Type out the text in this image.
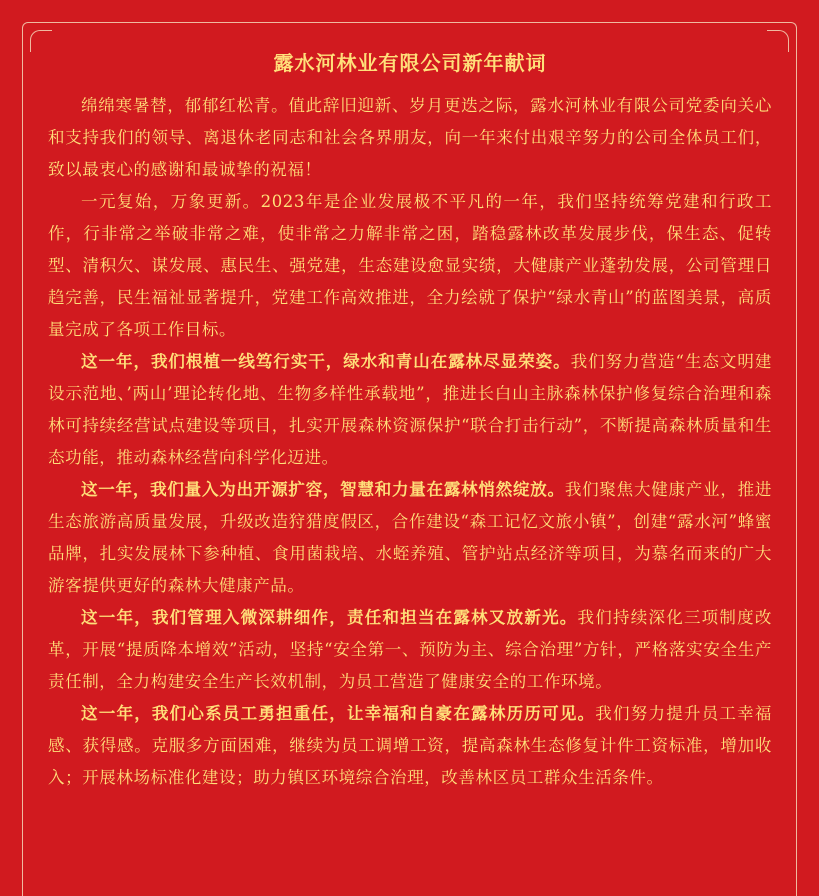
露水河林业有限公司新年献词

绵绵寒暑替，郁郁红松青。值此辞旧迎新、岁月更迭之际，露水河林业有限公司党委向关心和支持我们的领导、离退休老同志和社会各界朋友，向一年来付出艰辛努力的公司全体员工们，致以最衷心的感谢和最诚挚的祝福！

一元复始，万象更新。2023年是企业发展极不平凡的一年，我们坚持统筹党建和行政工作，行非常之举破非常之难，使非常之力解非常之困，踏稳露林改革发展步伐，保生态、促转型、清积欠、谋发展、惠民生、强党建，生态建设愈显实绩，大健康产业蓬勃发展，公司管理日趋完善，民生福祉显著提升，党建工作高效推进，全力绘就了保护“绿水青山”的蓝图美景，高质量完成了各项工作目标。

这一年，我们根植一线笃行实干，绿水和青山在露林尽显荣姿。我们努力营造“生态文明建设示范地、’两山’理论转化地、生物多样性承载地”，推进长白山主脉森林保护修复综合治理和森林可持续经营试点建设等项目，扎实开展森林资源保护“联合打击行动”，不断提高森林质量和生态功能，推动森林经营向科学化迈进。

这一年，我们量入为出开源扩容，智慧和力量在露林悄然绽放。我们聚焦大健康产业，推进生态旅游高质量发展，升级改造狩猎度假区，合作建设“森工记忆文旅小镇”，创建“露水河”蜂蜜品牌，扎实发展林下参种植、食用菌栽培、水蛭养殖、管护站点经济等项目，为慕名而来的广大游客提供更好的森林大健康产品。

这一年，我们管理入微深耕细作，责任和担当在露林又放新光。我们持续深化三项制度改革，开展“提质降本增效”活动，坚持“安全第一、预防为主、综合治理”方针，严格落实安全生产责任制，全力构建安全生产长效机制，为员工营造了健康安全的工作环境。

这一年，我们心系员工勇担重任，让幸福和自豪在露林历历可见。我们努力提升员工幸福感、获得感。克服多方面困难，继续为员工调增工资，提高森林生态修复计件工资标准，增加收入；开展林场标准化建设；助力镇区环境综合治理，改善林区员工群众生活条件。
